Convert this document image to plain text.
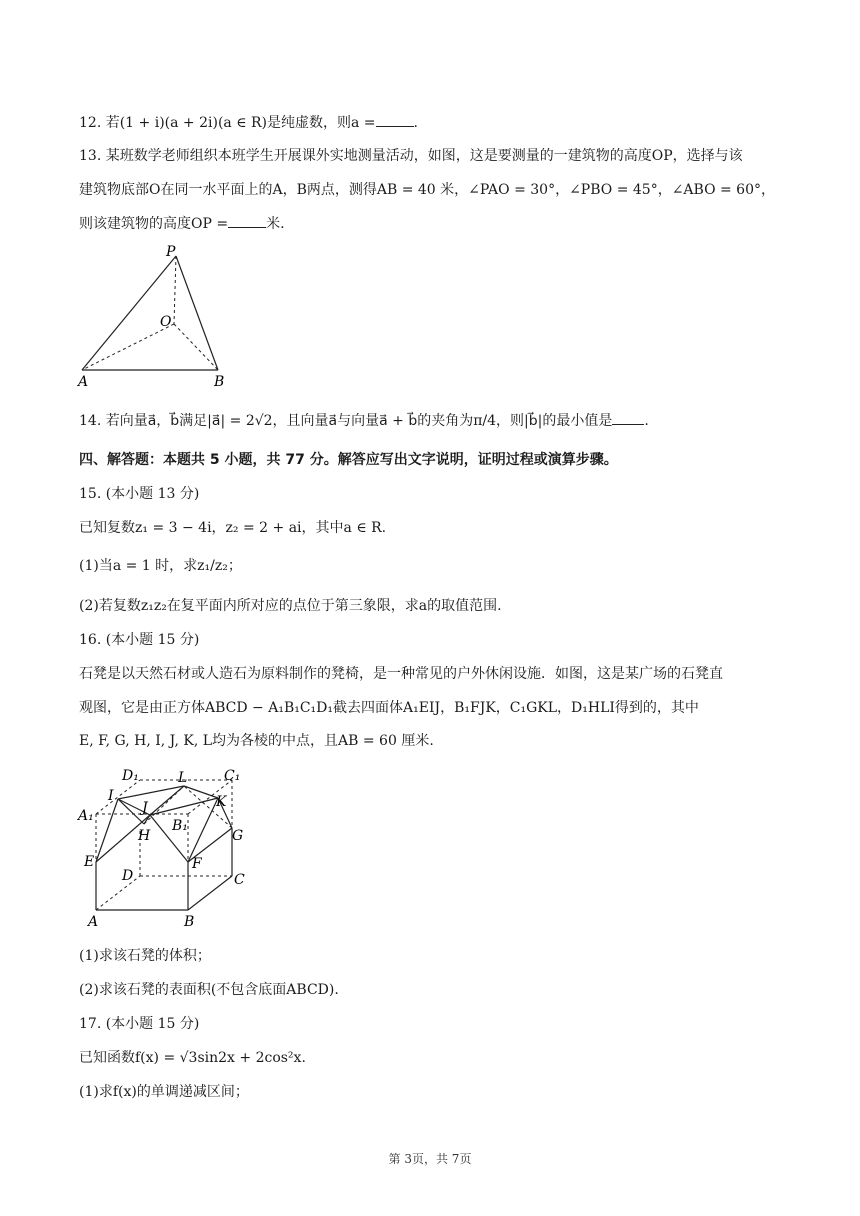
12. 若(1 + i)(a + 2i)(a ∈ R)是纯虚数，则a =	.
13. 某班数学老师组织本班学生开展课外实地测量活动，如图，这是要测量的一建筑物的高度OP，选择与该
建筑物底部O在同一水平面上的A，B两点，测得AB = 40 米，∠PAO = 30°，∠PBO = 45°，∠ABO = 60°，
则该建筑物的高度OP =	米.
P
O
A	B
14. 若向量a⃗，b⃗满足|a⃗| = 2√2，且向量a⃗与向量a⃗ + b⃗的夹角为π/4，则|b⃗|的最小值是 .
四、解答题：本题共 5 小题，共 77 分。解答应写出文字说明，证明过程或演算步骤。
15. (本小题 13 分)
已知复数z₁ = 3 − 4i，z₂ = 2 + ai，其中a ∈ R.
(1)当a = 1 时，求z₁/z₂；
(2)若复数z₁z₂在复平面内所对应的点位于第三象限，求a的取值范围.
16. (本小题 15 分)
石凳是以天然石材或人造石为原料制作的凳椅，是一种常见的户外休闲设施．如图，这是某广场的石凳直
观图，它是由正方体ABCD − A₁B₁C₁D₁截去四面体A₁EIJ，B₁FJK，C₁GKL，D₁HLI得到的，其中
E, F, G, H, I, J, K, L均为各棱的中点，且AB = 60 厘米.
D₁	L	C₁
I
J	K
A₁
B₁
H	G
E	F
D	C
A	B
(1)求该石凳的体积；
(2)求该石凳的表面积(不包含底面ABCD).
17. (本小题 15 分)
已知函数f(x) = √3sin2x + 2cos²x.
(1)求f(x)的单调递减区间；
第 3页，共 7页
